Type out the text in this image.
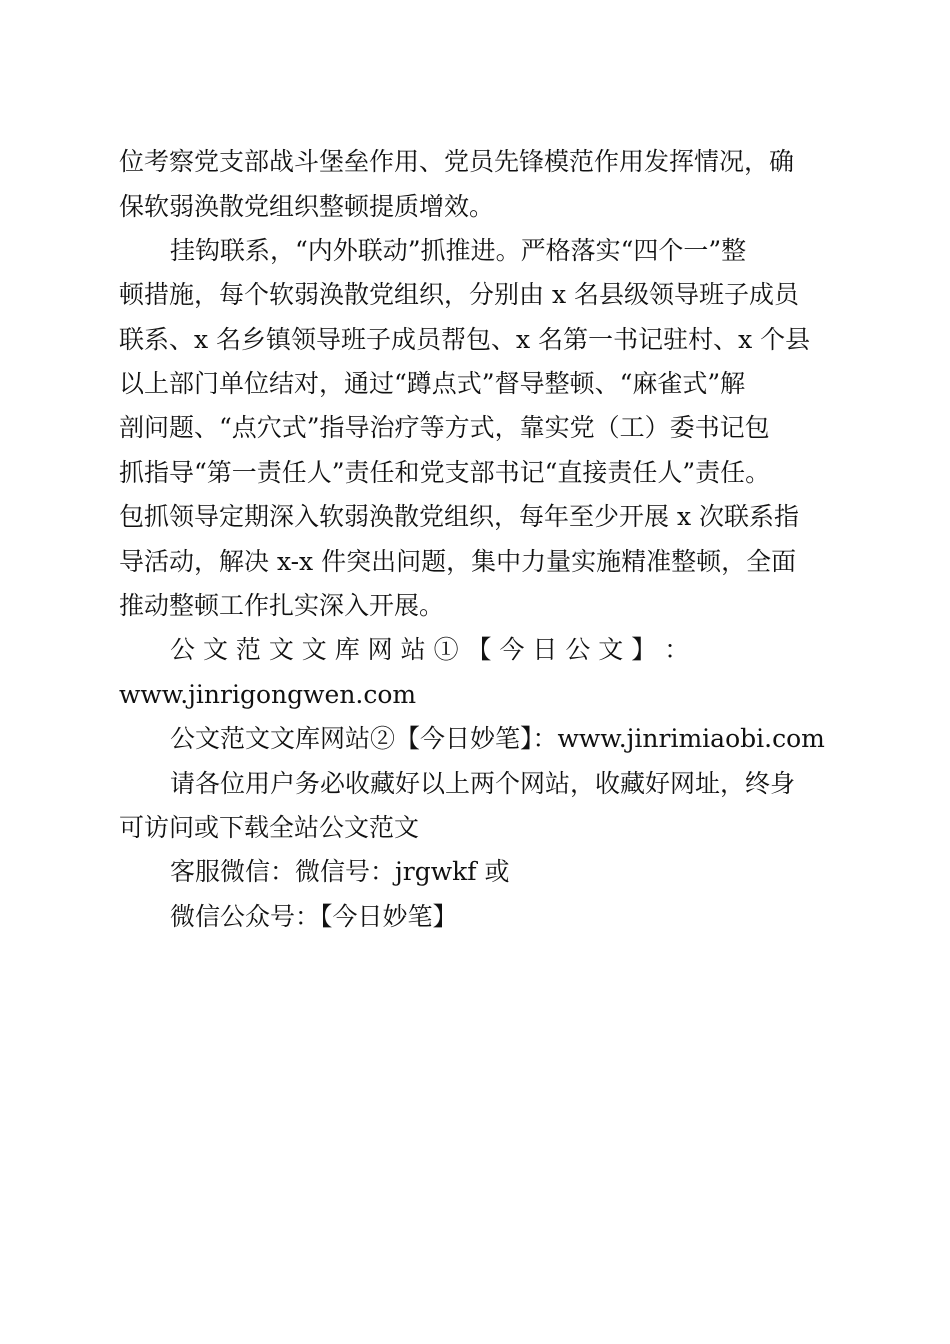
位考察党支部战斗堡垒作用、党员先锋模范作用发挥情况，确
保软弱涣散党组织整顿提质增效。
挂钩联系，“内外联动”抓推进。严格落实“四个一”整
顿措施，每个软弱涣散党组织，分别由 x 名县级领导班子成员
联系、x 名乡镇领导班子成员帮包、x 名第一书记驻村、x 个县
以上部门单位结对，通过“蹲点式”督导整顿、“麻雀式”解
剖问题、“点穴式”指导治疗等方式，靠实党（工）委书记包
抓指导“第一责任人”责任和党支部书记“直接责任人”责任。
包抓领导定期深入软弱涣散党组织，每年至少开展 x 次联系指
导活动，解决 x-x 件突出问题，集中力量实施精准整顿，全面
推动整顿工作扎实深入开展。
公 文 范 文 文 库 网 站 ① 【 今 日 公 文 】 ：
www.jinrigongwen.com
公文范文文库网站②【今日妙笔】：www.jinrimiaobi.com
请各位用户务必收藏好以上两个网站，收藏好网址，终身
可访问或下载全站公文范文
客服微信：微信号：jrgwkf 或
微信公众号：【今日妙笔】
